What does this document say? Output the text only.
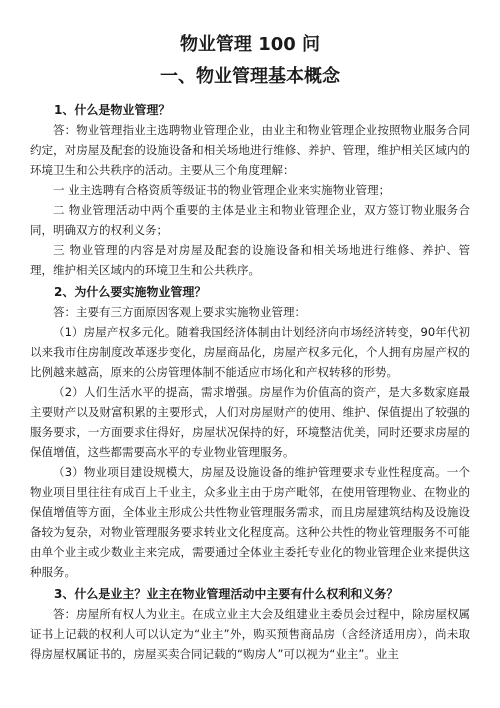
物业管理 100 问
一、物业管理基本概念
1、什么是物业管理？

答：物业管理指业主选聘物业管理企业，由业主和物业管理企业按照物业服务合同约定，对房屋及配套的设施设备和相关场地进行维修、养护、管理，维护相关区域内的环境卫生和公共秩序的活动。主要从三个角度理解：

一 业主选聘有合格资质等级证书的物业管理企业来实施物业管理；

二 物业管理活动中两个重要的主体是业主和物业管理企业，双方签订物业服务合同，明确双方的权利义务；

三 物业管理的内容是对房屋及配套的设施设备和相关场地进行维修、养护、管理，维护相关区域内的环境卫生和公共秩序。

2、为什么要实施物业管理？

答：主要有三方面原因客观上要求实施物业管理：

（1）房屋产权多元化。随着我国经济体制由计划经济向市场经济转变，90年代初以来我市住房制度改革逐步变化，房屋商品化，房屋产权多元化，个人拥有房屋产权的比例越来越高，原来的公房管理体制不能适应市场化和产权转移的形势。

（2）人们生活水平的提高，需求增强。房屋作为价值高的资产，是大多数家庭最主要财产以及财富积累的主要形式，人们对房屋财产的使用、维护、保值提出了较强的服务要求，一方面要求住得好，房屋状况保持的好，环境整洁优美，同时还要求房屋的保值增值，这些都需要高水平的专业物业管理服务。

（3）物业项目建设规模大，房屋及设施设备的维护管理要求专业性程度高。一个物业项目里往往有成百上千业主，众多业主由于房产毗邻，在使用管理物业、在物业的保值增值等方面，全体业主形成公共性物业管理服务需求，而且房屋建筑结构及设施设备较为复杂，对物业管理服务要求转业文化程度高。这种公共性的物业管理服务不可能由单个业主或少数业主来完成，需要通过全体业主委托专业化的物业管理企业来提供这种服务。

3、什么是业主？业主在物业管理活动中主要有什么权利和义务？

答：房屋所有权人为业主。在成立业主大会及组建业主委员会过程中，除房屋权属证书上记载的权利人可以认定为“业主”外，购买预售商品房（含经济适用房），尚未取得房屋权属证书的，房屋买卖合同记载的“购房人”可以视为“业主”。业主
